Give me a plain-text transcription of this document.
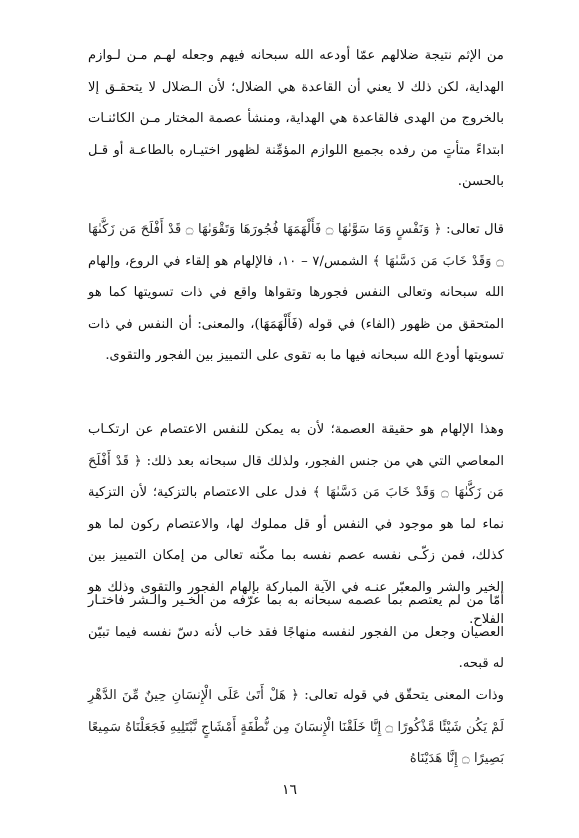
من الإثم نتيجة ضلالهم عمّا أودعه الله سبحانه فيهم وجعله لهـم مـن لـوازم الهداية، لكن ذلك لا يعني أن القاعدة هي الضلال؛ لأن الـضلال لا يتحقـق إلا بالخروج من الهدى فالقاعدة هي الهداية، ومنشأ عصمة المختار مـن الكائنـات ابتداءً متأتٍ من رفده بجميع اللوازم المؤمِّنة لظهور اختيـاره بالطاعـة أو قـل بالحسن.

قال تعالى: ﴿ وَنَفْسٍ وَمَا سَوَّىٰهَا ۝ فَأَلْهَمَهَا فُجُورَهَا وَتَقْوَىٰهَا ۝ قَدْ أَفْلَحَ مَن زَكَّىٰهَا ۝ وَقَدْ خَابَ مَن دَسَّىٰهَا ﴾ الشمس/٧ – ١٠، فالإلهام هو إلقاء في الروع، وإلهام الله سبحانه وتعالى النفس فجورها وتقواها واقع في ذات تسويتها كما هو المتحقق من ظهور (الفاء) في قوله (فَأَلْهَمَهَا)، والمعنى: أن النفس في ذات تسويتها أودع الله سبحانه فيها ما به تقوى على التمييز بين الفجور والتقوى.

وهذا الإلهام هو حقيقة العصمة؛ لأن به يمكن للنفس الاعتصام عن ارتكـاب المعاصي التي هي من جنس الفجور، ولذلك قال سبحانه بعد ذلك: ﴿ قَدْ أَفْلَحَ مَن زَكَّىٰهَا ۝ وَقَدْ خَابَ مَن دَسَّىٰهَا ﴾ فدل على الاعتصام بالتزكية؛ لأن التزكية نماء لما هو موجود في النفس أو قل مملوك لها، والاعتصام ركون لما هو كذلك، فمن زكّـى نفسه عصم نفسه بما مكّنه تعالى من إمكان التمييز بين الخير والشر والمعبّر عنـه في الآية المباركة بإلهام الفجور والتقوى وذلك هو الفلاح.

أمّا من لم يعتصم بما عصمه سبحانه به بما عرّفه من الخـير والـشر فاختـار العصيان وجعل من الفجور لنفسه منهاجًا فقد خاب لأنه دسّ نفسه فيما تبيّن له قبحه.

وذات المعنى يتحقّق في قوله تعالى: ﴿ هَلْ أَتَىٰ عَلَى الْإِنسَانِ حِينٌ مِّنَ الدَّهْرِ لَمْ يَكُن شَيْئًا مَّذْكُورًا ۝ إِنَّا خَلَقْنَا الْإِنسَانَ مِن نُّطْفَةٍ أَمْشَاجٍ نَّبْتَلِيهِ فَجَعَلْنَاهُ سَمِيعًا بَصِيرًا ۝ إِنَّا هَدَيْنَاهُ

١٦
